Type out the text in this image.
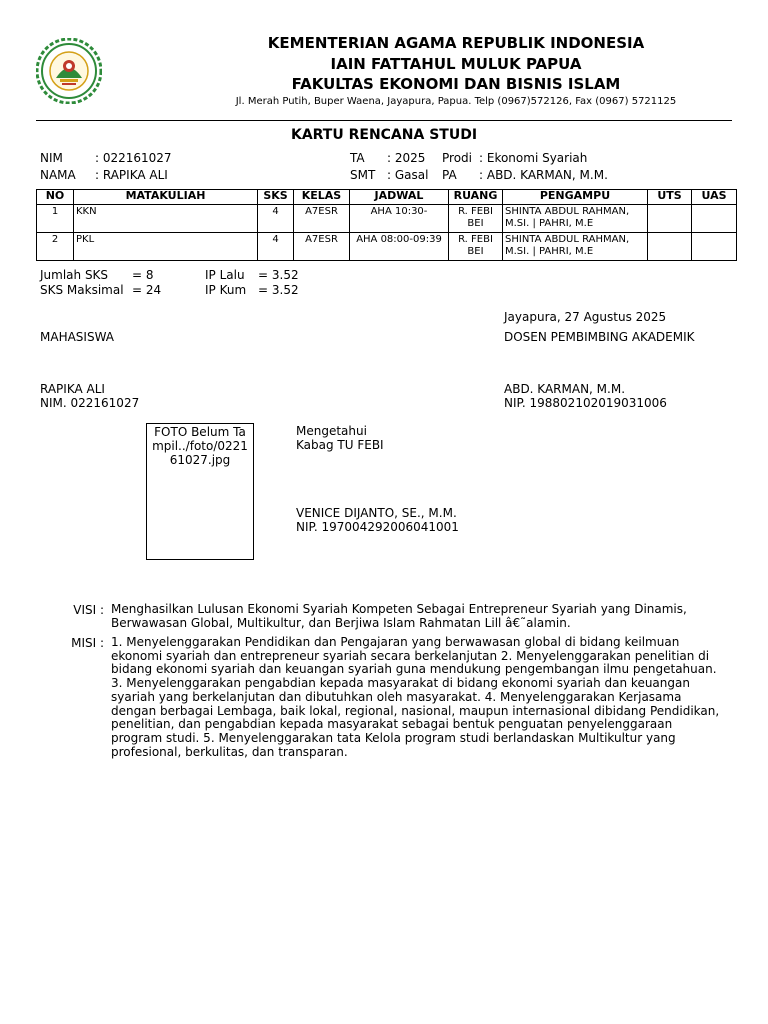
KEMENTERIAN AGAMA REPUBLIK INDONESIA
IAIN FATTAHUL MULUK PAPUA
FAKULTAS EKONOMI DAN BISNIS ISLAM
Jl. Merah Putih, Buper Waena, Jayapura, Papua. Telp (0967)572126, Fax (0967) 5721125
KARTU RENCANA STUDI
NIM	: 022161027
NAMA : RAPIKA ALI
TA : 2025 Prodi : Ekonomi Syariah
SMT : Gasal PA : ABD. KARMAN, M.M.
NO	MATAKULIAH	SKS	KELAS	JADWAL	RUANG	PENGAMPU	UTS	UAS
1	KKN	4	A7ESR	AHA 10:30-	R. FEBI BEI	SHINTA ABDUL RAHMAN, M.SI. | PAHRI, M.E		
2	PKL	4	A7ESR	AHA 08:00-09:39	R. FEBI BEI	SHINTA ABDUL RAHMAN, M.SI. | PAHRI, M.E		
Jumlah SKS = 8
SKS Maksimal = 24
IP Lalu = 3.52
IP Kum = 3.52
Jayapura, 27 Agustus 2025
MAHASISWA	DOSEN PEMBIMBING AKADEMIK
RAPIKA ALI
NIM. 022161027
ABD. KARMAN, M.M.
NIP. 198802102019031006
FOTO Belum Tampil../foto/022161027.jpg
Mengetahui
Kabag TU FEBI
VENICE DIJANTO, SE., M.M.
NIP. 197004292006041001
VISI : Menghasilkan Lulusan Ekonomi Syariah Kompeten Sebagai Entrepreneur Syariah yang Dinamis, Berwawasan Global, Multikultur, dan Berjiwa Islam Rahmatan Lill â€˜alamin.
MISI : 1. Menyelenggarakan Pendidikan dan Pengajaran yang berwawasan global di bidang keilmuan ekonomi syariah dan entrepreneur syariah secara berkelanjutan 2. Menyelenggarakan penelitian di bidang ekonomi syariah dan keuangan syariah guna mendukung pengembangan ilmu pengetahuan. 3. Menyelenggarakan pengabdian kepada masyarakat di bidang ekonomi syariah dan keuangan syariah yang berkelanjutan dan dibutuhkan oleh masyarakat. 4. Menyelenggarakan Kerjasama dengan berbagai Lembaga, baik lokal, regional, nasional, maupun internasional dibidang Pendidikan, penelitian, dan pengabdian kepada masyarakat sebagai bentuk penguatan penyelenggaraan program studi. 5. Menyelenggarakan tata Kelola program studi berlandaskan Multikultur yang profesional, berkulitas, dan transparan.
